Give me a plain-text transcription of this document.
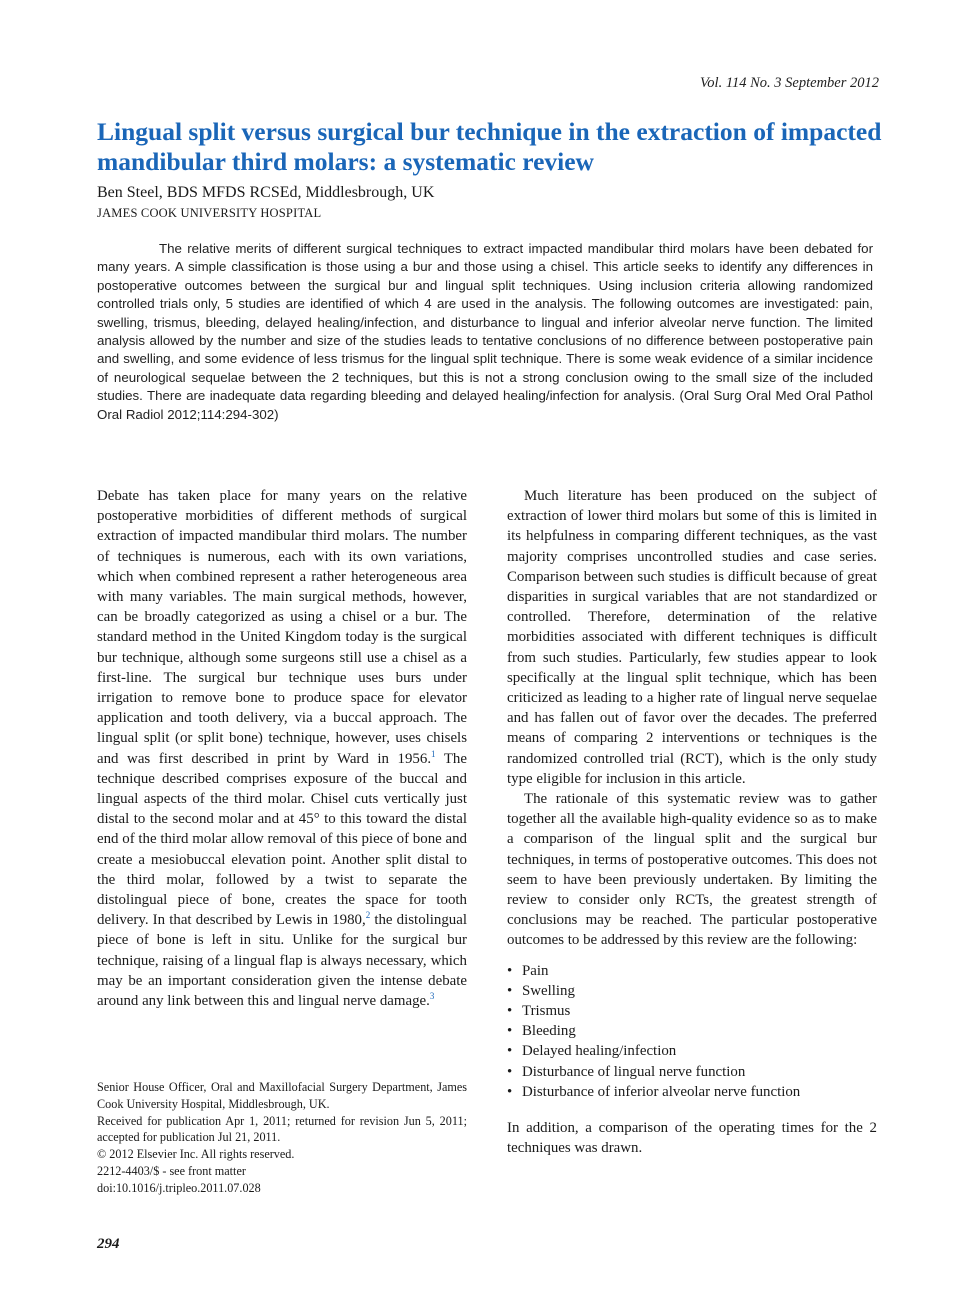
Vol. 114 No. 3 September 2012
Lingual split versus surgical bur technique in the extraction of impacted mandibular third molars: a systematic review
Ben Steel, BDS MFDS RCSEd, Middlesbrough, UK
JAMES COOK UNIVERSITY HOSPITAL

The relative merits of different surgical techniques to extract impacted mandibular third molars have been debated for many years. A simple classification is those using a bur and those using a chisel. This article seeks to identify any differences in postoperative outcomes between the surgical bur and lingual split techniques. Using inclusion criteria allowing randomized controlled trials only, 5 studies are identified of which 4 are used in the analysis. The following outcomes are investigated: pain, swelling, trismus, bleeding, delayed healing/infection, and disturbance to lingual and inferior alveolar nerve function. The limited analysis allowed by the number and size of the studies leads to tentative conclusions of no difference between postoperative pain and swelling, and some evidence of less trismus for the lingual split technique. There is some weak evidence of a similar incidence of neurological sequelae between the 2 techniques, but this is not a strong conclusion owing to the small size of the included studies. There are inadequate data regarding bleeding and delayed healing/infection for analysis. (Oral Surg Oral Med Oral Pathol Oral Radiol 2012;114:294-302)

Debate has taken place for many years on the relative postoperative morbidities of different methods of surgical extraction of impacted mandibular third molars. The number of techniques is numerous, each with its own variations, which when combined represent a rather heterogeneous area with many variables. The main surgical methods, however, can be broadly categorized as using a chisel or a bur. The standard method in the United Kingdom today is the surgical bur technique, although some surgeons still use a chisel as a first-line. The surgical bur technique uses burs under irrigation to remove bone to produce space for elevator application and tooth delivery, via a buccal approach. The lingual split (or split bone) technique, however, uses chisels and was first described in print by Ward in 1956.$^1$ The technique described comprises exposure of the buccal and lingual aspects of the third molar. Chisel cuts vertically just distal to the second molar and at 45° to this toward the distal end of the third molar allow removal of this piece of bone and create a mesiobuccal elevation point. Another split distal to the third molar, followed by a twist to separate the distolingual piece of bone, creates the space for tooth delivery. In that described by Lewis in 1980,$^2$ the distolingual piece of bone is left in situ. Unlike for the surgical bur technique, raising of a lingual flap is always necessary, which may be an important consideration given the intense debate around any link between this and lingual nerve damage.$^3$

Senior House Officer, Oral and Maxillofacial Surgery Department, James Cook University Hospital, Middlesbrough, UK.
Received for publication Apr 1, 2011; returned for revision Jun 5, 2011; accepted for publication Jul 21, 2011.
© 2012 Elsevier Inc. All rights reserved.
2212-4403/$ - see front matter
doi:10.1016/j.tripleo.2011.07.028

Much literature has been produced on the subject of extraction of lower third molars but some of this is limited in its helpfulness in comparing different techniques, as the vast majority comprises uncontrolled studies and case series. Comparison between such studies is difficult because of great disparities in surgical variables that are not standardized or controlled. Therefore, determination of the relative morbidities associated with different techniques is difficult from such studies. Particularly, few studies appear to look specifically at the lingual split technique, which has been criticized as leading to a higher rate of lingual nerve sequelae and has fallen out of favor over the decades. The preferred means of comparing 2 interventions or techniques is the randomized controlled trial (RCT), which is the only study type eligible for inclusion in this article.

The rationale of this systematic review was to gather together all the available high-quality evidence so as to make a comparison of the lingual split and the surgical bur techniques, in terms of postoperative outcomes. This does not seem to have been previously undertaken. By limiting the review to consider only RCTs, the greatest strength of conclusions may be reached. The particular postoperative outcomes to be addressed by this review are the following:

• Pain
• Swelling
• Trismus
• Bleeding
• Delayed healing/infection
• Disturbance of lingual nerve function
• Disturbance of inferior alveolar nerve function

In addition, a comparison of the operating times for the 2 techniques was drawn.

294
